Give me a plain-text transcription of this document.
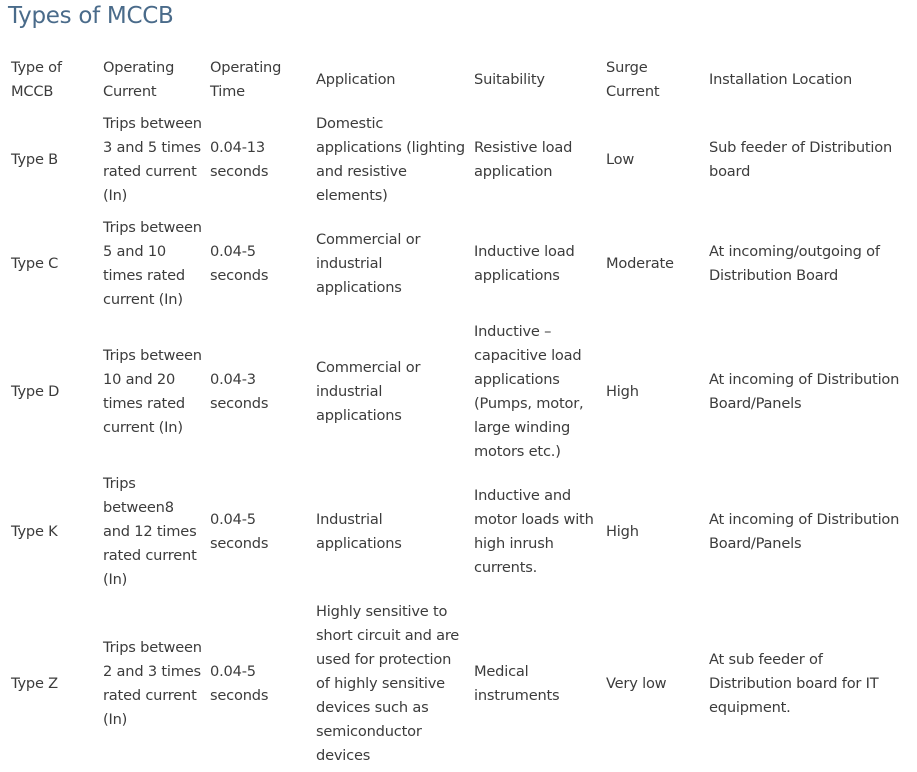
Types of MCCB
Type of MCCB	Operating Current	Operating Time	Application	Suitability	Surge Current	Installation Location
Type B	Trips between 3 and 5 times rated current (In)	0.04-13 seconds	Domestic applications (lighting and resistive elements)	Resistive load application	Low	Sub feeder of Distribution board
Type C	Trips between 5 and 10 times rated current (In)	0.04-5 seconds	Commercial or industrial applications	Inductive load applications	Moderate	At incoming/outgoing of Distribution Board
Type D	Trips between 10 and 20 times rated current (In)	0.04-3 seconds	Commercial or industrial applications	Inductive – capacitive load applications (Pumps, motor, large winding motors etc.)	High	At incoming of Distribution Board/Panels
Type K	Trips between8 and 12 times rated current (In)	0.04-5 seconds	Industrial applications	Inductive and motor loads with high inrush currents.	High	At incoming of Distribution Board/Panels
Type Z	Trips between 2 and 3 times rated current (In)	0.04-5 seconds	Highly sensitive to short circuit and are used for protection of highly sensitive devices such as semiconductor devices	Medical instruments	Very low	At sub feeder of Distribution board for IT equipment.
